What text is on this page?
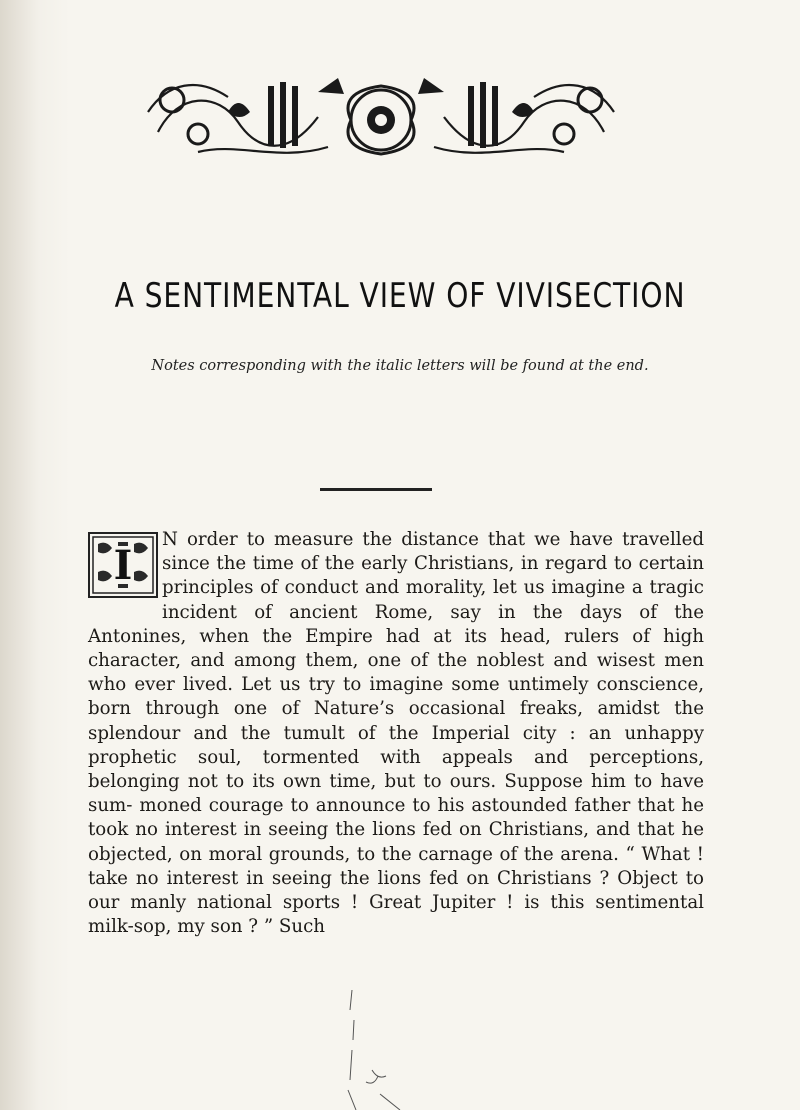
A SENTIMENTAL VIEW OF VIVISECTION

Notes corresponding with the italic letters will be found at the end.

N order to measure the distance that we have travelled since the time of the early Christians, in regard to certain principles of conduct and morality, let us imagine a tragic incident of ancient Rome, say in the days of the Antonines, when the Empire had at its head, rulers of high character, and among them, one of the noblest and wisest men who ever lived. Let us try to imagine some untimely conscience, born through one of Nature’s occasional freaks, amidst the splendour and the tumult of the Imperial city : an unhappy prophetic soul, tormented with appeals and perceptions, belonging not to its own time, but to ours. Suppose him to have sum- moned courage to announce to his astounded father that he took no interest in seeing the lions fed on Christians, and that he objected, on moral grounds, to the carnage of the arena. “ What ! take no interest in seeing the lions fed on Christians ? Object to our manly national sports ! Great Jupiter ! is this sentimental milk-sop, my son ? ” Such

I
